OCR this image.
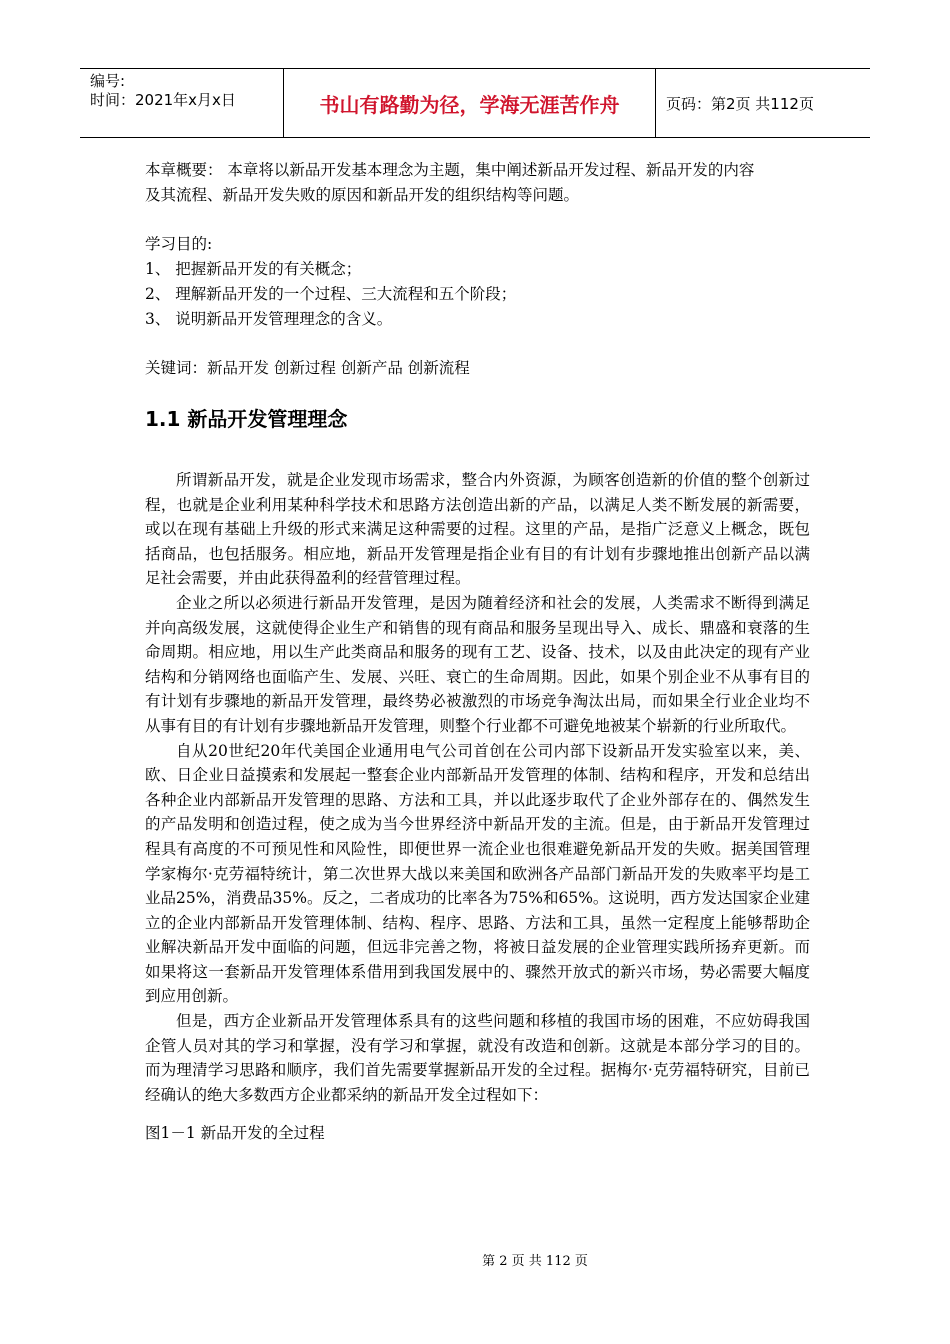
编号:
时间：2021年x月x日	书山有路勤为径，学海无涯苦作舟	页码：第2页 共112页

本章概要： 本章将以新品开发基本理念为主题，集中阐述新品开发过程、新品开发的内容

及其流程、新品开发失败的原因和新品开发的组织结构等问题。

学习目的:

1、 把握新品开发的有关概念；

2、 理解新品开发的一个过程、三大流程和五个阶段；

3、 说明新品开发管理理念的含义。

关键词：新品开发 创新过程 创新产品 创新流程

1.1 新品开发管理理念

所谓新品开发，就是企业发现市场需求，整合内外资源，为顾客创造新的价值的整个创新过程，也就是企业利用某种科学技术和思路方法创造出新的产品，以满足人类不断发展的新需要，或以在现有基础上升级的形式来满足这种需要的过程。这里的产品，是指广泛意义上概念，既包括商品，也包括服务。相应地，新品开发管理是指企业有目的有计划有步骤地推出创新产品以满足社会需要，并由此获得盈利的经营管理过程。

企业之所以必须进行新品开发管理，是因为随着经济和社会的发展，人类需求不断得到满足并向高级发展，这就使得企业生产和销售的现有商品和服务呈现出导入、成长、鼎盛和衰落的生命周期。相应地，用以生产此类商品和服务的现有工艺、设备、技术，以及由此决定的现有产业结构和分销网络也面临产生、发展、兴旺、衰亡的生命周期。因此，如果个别企业不从事有目的有计划有步骤地的新品开发管理，最终势必被激烈的市场竞争淘汰出局，而如果全行业企业均不从事有目的有计划有步骤地新品开发管理，则整个行业都不可避免地被某个崭新的行业所取代。

自从20世纪20年代美国企业通用电气公司首创在公司内部下设新品开发实验室以来，美、欧、日企业日益摸索和发展起一整套企业内部新品开发管理的体制、结构和程序，开发和总结出各种企业内部新品开发管理的思路、方法和工具，并以此逐步取代了企业外部存在的、偶然发生的产品发明和创造过程，使之成为当今世界经济中新品开发的主流。但是，由于新品开发管理过程具有高度的不可预见性和风险性，即便世界一流企业也很难避免新品开发的失败。据美国管理学家梅尔·克劳福特统计，第二次世界大战以来美国和欧洲各产品部门新品开发的失败率平均是工业品25%，消费品35%。反之，二者成功的比率各为75%和65%。这说明，西方发达国家企业建立的企业内部新品开发管理体制、结构、程序、思路、方法和工具，虽然一定程度上能够帮助企业解决新品开发中面临的问题，但远非完善之物，将被日益发展的企业管理实践所扬弃更新。而如果将这一套新品开发管理体系借用到我国发展中的、骤然开放式的新兴市场，势必需要大幅度到应用创新。

但是，西方企业新品开发管理体系具有的这些问题和移植的我国市场的困难，不应妨碍我国企管人员对其的学习和掌握，没有学习和掌握，就没有改造和创新。这就是本部分学习的目的。而为理清学习思路和顺序，我们首先需要掌握新品开发的全过程。据梅尔·克劳福特研究，目前已经确认的绝大多数西方企业都采纳的新品开发全过程如下：

图1－1 新品开发的全过程

第 2 页 共 112 页
